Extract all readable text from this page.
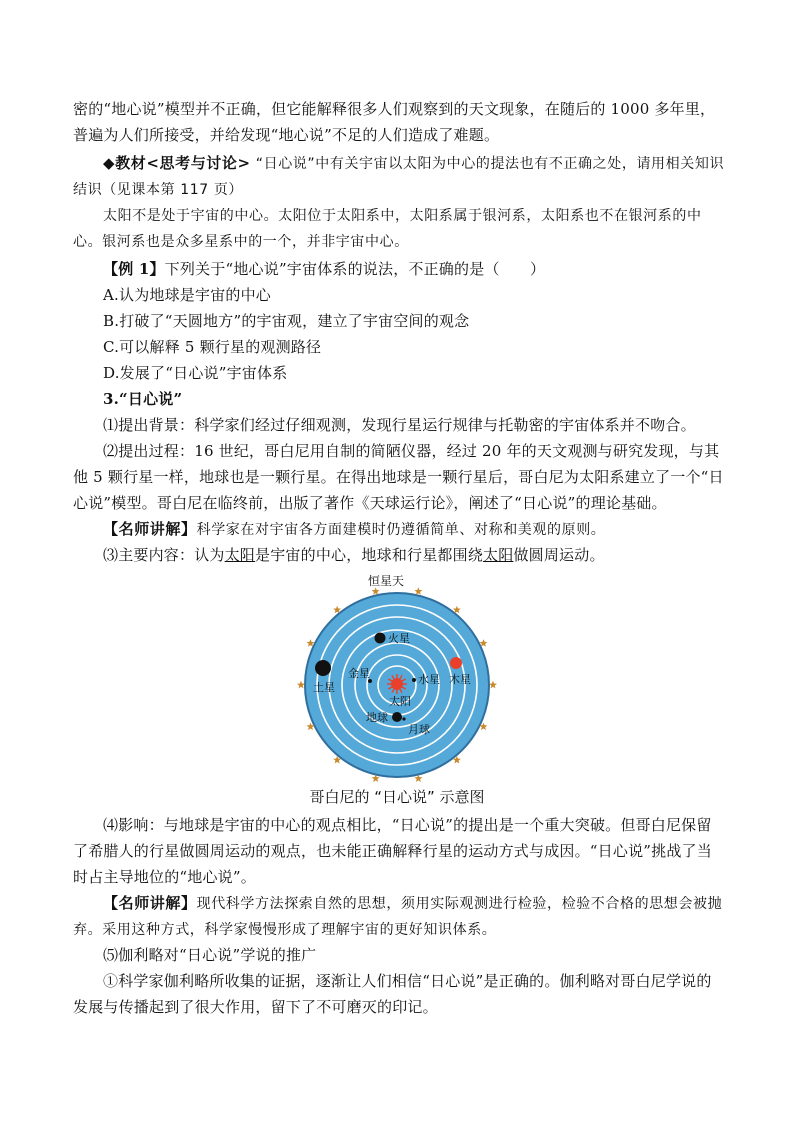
密的“地心说”模型并不正确，但它能解释很多人们观察到的天文现象，在随后的 1000 多年里，
普遍为人们所接受，并给发现“地心说”不足的人们造成了难题。

◆教材<思考与讨论> “日心说”中有关宇宙以太阳为中心的提法也有不正确之处，请用相关知识结识（见课本第 117 页）

太阳不是处于宇宙的中心。太阳位于太阳系中，太阳系属于银河系，太阳系也不在银河系的中心。银河系也是众多星系中的一个，并非宇宙中心。

【例 1】下列关于“地心说”宇宙体系的说法，不正确的是（　　）

A.认为地球是宇宙的中心

B.打破了“天圆地方”的宇宙观，建立了宇宙空间的观念

C.可以解释 5 颗行星的观测路径

D.发展了“日心说”宇宙体系

3.“日心说”

⑴提出背景：科学家们经过仔细观测，发现行星运行规律与托勒密的宇宙体系并不吻合。

⑵提出过程：16 世纪，哥白尼用自制的简陋仪器，经过 20 年的天文观测与研究发现，与其他 5 颗行星一样，地球也是一颗行星。在得出地球是一颗行星后，哥白尼为太阳系建立了一个“日心说”模型。哥白尼在临终前，出版了著作《天球运行论》，阐述了“日心说”的理论基础。

【名师讲解】科学家在对宇宙各方面建模时仍遵循简单、对称和美观的原则。

⑶主要内容：认为太阳是宇宙的中心，地球和行星都围绕太阳做圆周运动。

恒星天
火星
金星	水星 木星
土星
太阳
地球
月球
哥白尼的 “日心说” 示意图

⑷影响：与地球是宇宙的中心的观点相比，“日心说”的提出是一个重大突破。但哥白尼保留了希腊人的行星做圆周运动的观点，也未能正确解释行星的运动方式与成因。“日心说”挑战了当时占主导地位的“地心说”。

【名师讲解】现代科学方法探索自然的思想，须用实际观测进行检验，检验不合格的思想会被抛弃。采用这种方式，科学家慢慢形成了理解宇宙的更好知识体系。

⑸伽利略对“日心说”学说的推广

①科学家伽利略所收集的证据，逐渐让人们相信“日心说”是正确的。伽利略对哥白尼学说的发展与传播起到了很大作用，留下了不可磨灭的印记。
